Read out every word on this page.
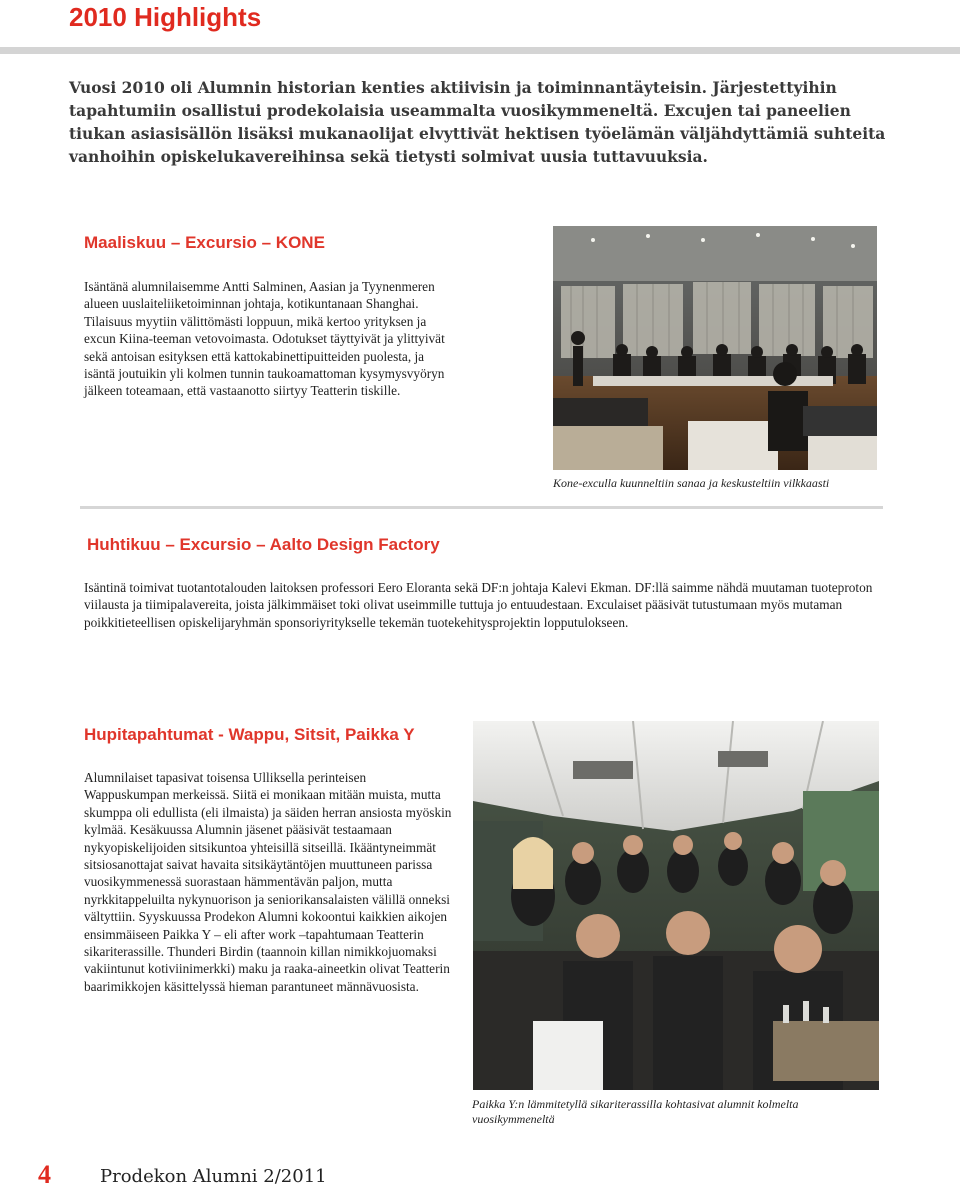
2010 Highlights

Vuosi 2010 oli Alumnin historian kenties aktiivisin ja toiminnantäyteisin. Järjestettyihin tapahtumiin osallistui prodekolaisia useammalta vuosikymmeneltä. Excujen tai paneelien tiukan asiasisällön lisäksi mukanaolijat elvyttivät hektisen työelämän väljähdyttämiä suhteita vanhoihin opiskelukavereihinsa sekä tietysti solmivat uusia tuttavuuksia.

Maaliskuu – Excursio – KONE

Isäntänä alumnilaisemme Antti Salminen, Aasian ja Tyynenmeren alueen uuslaiteliiketoiminnan johtaja, kotikuntanaan Shanghai. Tilaisuus myytiin välittömästi loppuun, mikä kertoo yrityksen ja excun Kiina-teeman vetovoimasta. Odotukset täyttyivät ja ylittyivät sekä antoisan esityksen että kattokabinettipuitteiden puolesta, ja isäntä joutuikin yli kolmen tunnin taukoamattoman kysymysvyöryn jälkeen toteamaan, että vastaanotto siirtyy Teatterin tiskille.

Kone-exculla kuunneltiin sanaa ja keskusteltiin vilkkaasti

Huhtikuu – Excursio – Aalto Design Factory

Isäntinä toimivat tuotantotalouden laitoksen professori Eero Eloranta sekä DF:n johtaja Kalevi Ekman. DF:llä saimme nähdä muutaman tuoteproton viilausta ja tiimipalavereita, joista jälkimmäiset toki olivat useimmille tuttuja jo entuudestaan. Exculaiset pääsivät tutustumaan myös mutaman poikkitieteellisen opiskelijaryhmän sponsoriyritykselle tekemän tuotekehitysprojektin lopputulokseen.

Hupitapahtumat - Wappu, Sitsit, Paikka Y

Alumnilaiset tapasivat toisensa Ulliksella perinteisen Wappuskumpan merkeissä. Siitä ei monikaan mitään muista, mutta skumppa oli edullista (eli ilmaista) ja säiden herran ansiosta myöskin kylmää. Kesäkuussa Alumnin jäsenet pääsivät testaamaan nykyopiskelijoiden sitsikuntoa yhteisillä sitseillä. Ikääntyneimmät sitsiosanottajat saivat havaita sitsikäytäntöjen muuttuneen parissa vuosikymmenessä suorastaan hämmentävän paljon, mutta nyrkkitappeluilta nykynuorison ja seniorikansalaisten välillä onneksi vältyttiin. Syyskuussa Prodekon Alumni kokoontui kaikkien aikojen ensimmäiseen Paikka Y – eli after work –tapahtumaan Teatterin sikariterassille. Thunderi Birdin (taannoin killan nimikkojuomaksi vakiintunut kotiviinimerkki) maku ja raaka-aineetkin olivat Teatterin baarimikkojen käsittelyssä hieman parantuneet männävuosista.

Paikka Y:n lämmitetyllä sikariterassilla kohtasivat alumnit kolmelta vuosikymmeneltä

4	Prodekon Alumni 2/2011
